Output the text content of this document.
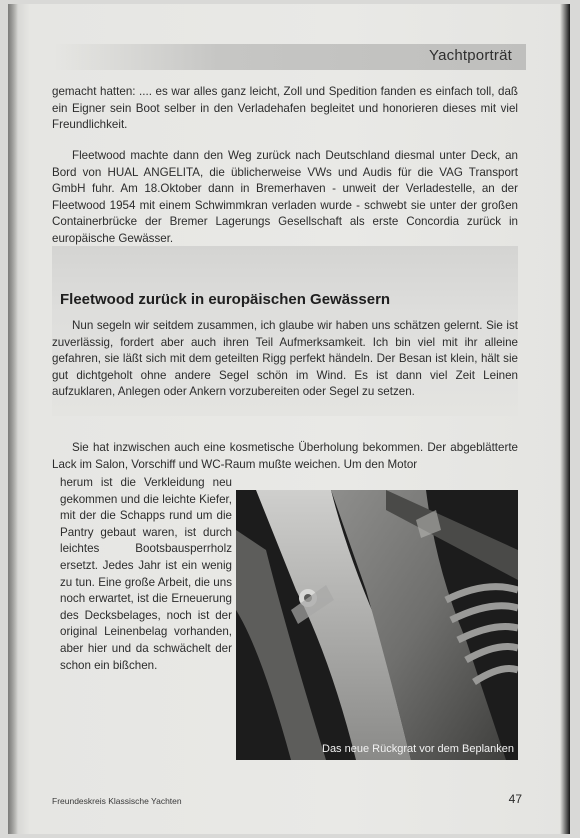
Yachtporträt

gemacht hatten: .... es war alles ganz leicht, Zoll und Spedition fanden es einfach toll, daß ein Eigner sein Boot selber in den Verladehafen begleitet und honorieren dieses mit viel Freundlichkeit.

Fleetwood machte dann den Weg zurück nach Deutschland diesmal unter Deck, an Bord von HUAL ANGELITA, die üblicherweise VWs und Audis für die VAG Transport GmbH fuhr. Am 18.Oktober dann in Bremerhaven - unweit der Verladestelle, an der Fleetwood 1954 mit einem Schwimmkran verladen wurde - schwebt sie unter der großen Containerbrücke der Bremer Lagerungs Gesellschaft als erste Concordia zurück in europäische Gewässer.

Fleetwood zurück in europäischen Gewässern

Nun segeln wir seitdem zusammen, ich glaube wir haben uns schätzen gelernt. Sie ist zuverlässig, fordert aber auch ihren Teil Aufmerksamkeit. Ich bin viel mit ihr alleine gefahren, sie läßt sich mit dem geteilten Rigg perfekt händeln. Der Besan ist klein, hält sie gut dichtgeholt ohne andere Segel schön im Wind. Es ist dann viel Zeit Leinen aufzuklaren, Anlegen oder Ankern vorzubereiten oder Segel zu setzen.

Sie hat inzwischen auch eine kosmetische Überholung bekommen. Der abgeblätterte Lack im Salon, Vorschiff und WC-Raum mußte weichen. Um den Motor

herum ist die Verkleidung neu gekommen und die leichte Kiefer, mit der die Schapps rund um die Pantry gebaut waren, ist durch leichtes Bootsbausperrholz ersetzt. Jedes Jahr ist ein wenig zu tun. Eine große Arbeit, die uns noch erwartet, ist die Erneuerung des Decksbelages, noch ist der original Leinenbelag vorhanden, aber hier und da schwächelt der schon ein bißchen.

Das neue Rückgrat vor dem Beplanken
Freundeskreis Klassische Yachten	47
